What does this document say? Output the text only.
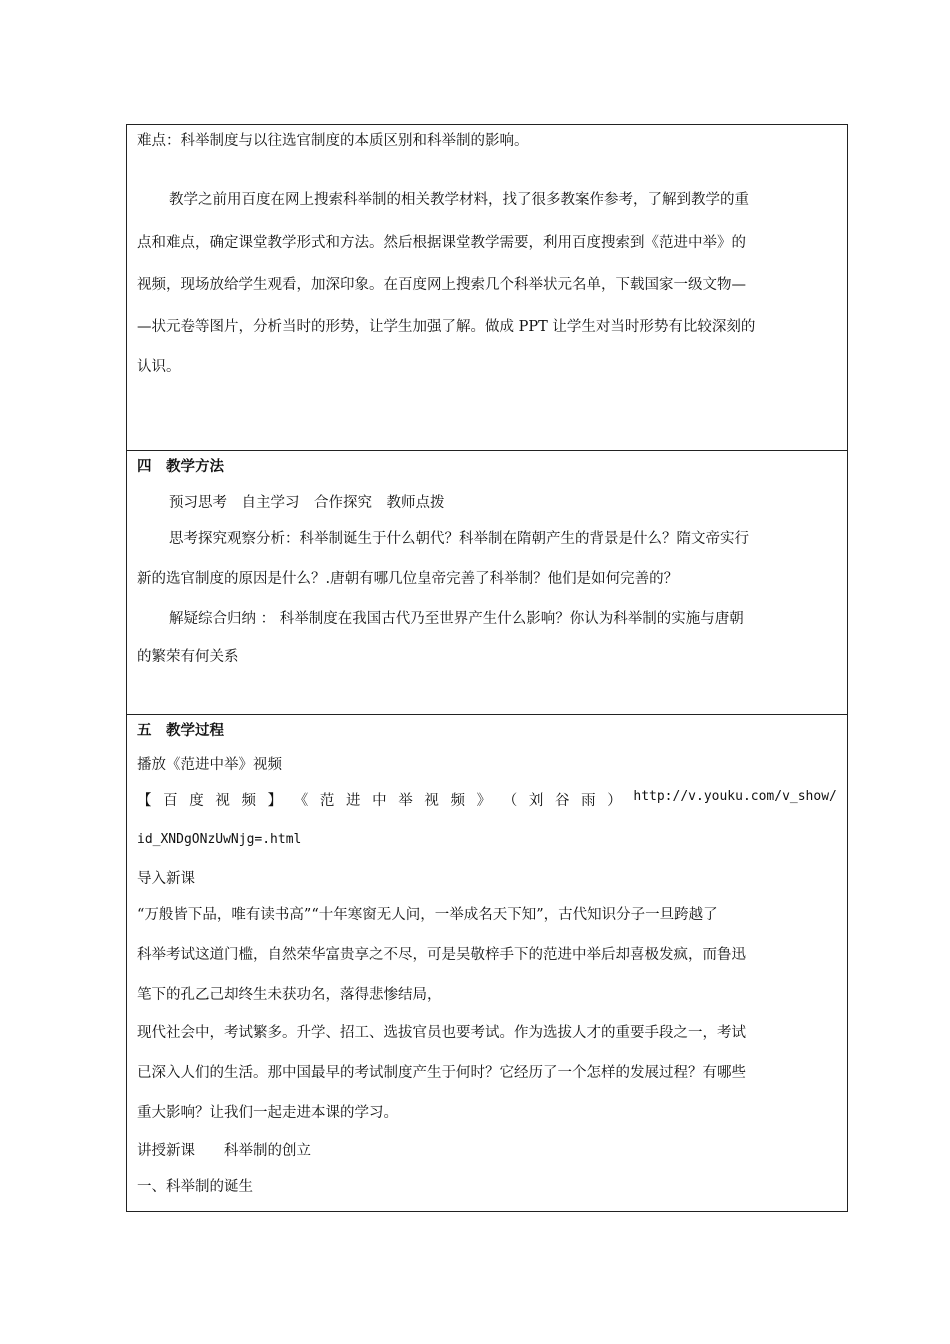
难点：科举制度与以往选官制度的本质区别和科举制的影响。
教学之前用百度在网上搜索科举制的相关教学材料，找了很多教案作参考，了解到教学的重
点和难点，确定课堂教学形式和方法。然后根据课堂教学需要，利用百度搜索到《范进中举》的
视频，现场放给学生观看，加深印象。在百度网上搜索几个科举状元名单，下载国家一级文物—
—状元卷等图片，分析当时的形势，让学生加强了解。做成 PPT 让学生对当时形势有比较深刻的
认识。
四　教学方法
预习思考　自主学习　合作探究　教师点拨
思考探究观察分析：科举制诞生于什么朝代？科举制在隋朝产生的背景是什么？隋文帝实行
新的选官制度的原因是什么？.唐朝有哪几位皇帝完善了科举制？他们是如何完善的？
解疑综合归纳 ： 科举制度在我国古代乃至世界产生什么影响？你认为科举制的实施与唐朝
的繁荣有何关系
五　教学过程
播放《范进中举》视频
【 百 度 视 频 】 《 范 进 中 举 视 频 》 （ 刘 谷 雨 ） http://v.youku.com/v_show/
id_XNDgONzUwNjg=.html
导入新课
“万般皆下品，唯有读书高”“十年寒窗无人问，一举成名天下知”，古代知识分子一旦跨越了
科举考试这道门槛，自然荣华富贵享之不尽，可是吴敬梓手下的范进中举后却喜极发疯，而鲁迅
笔下的孔乙己却终生未获功名，落得悲惨结局，
现代社会中，考试繁多。升学、招工、选拔官员也要考试。作为选拔人才的重要手段之一，考试
已深入人们的生活。那中国最早的考试制度产生于何时？它经历了一个怎样的发展过程？有哪些
重大影响？让我们一起走进本课的学习。
讲授新课　　科举制的创立
一、科举制的诞生
